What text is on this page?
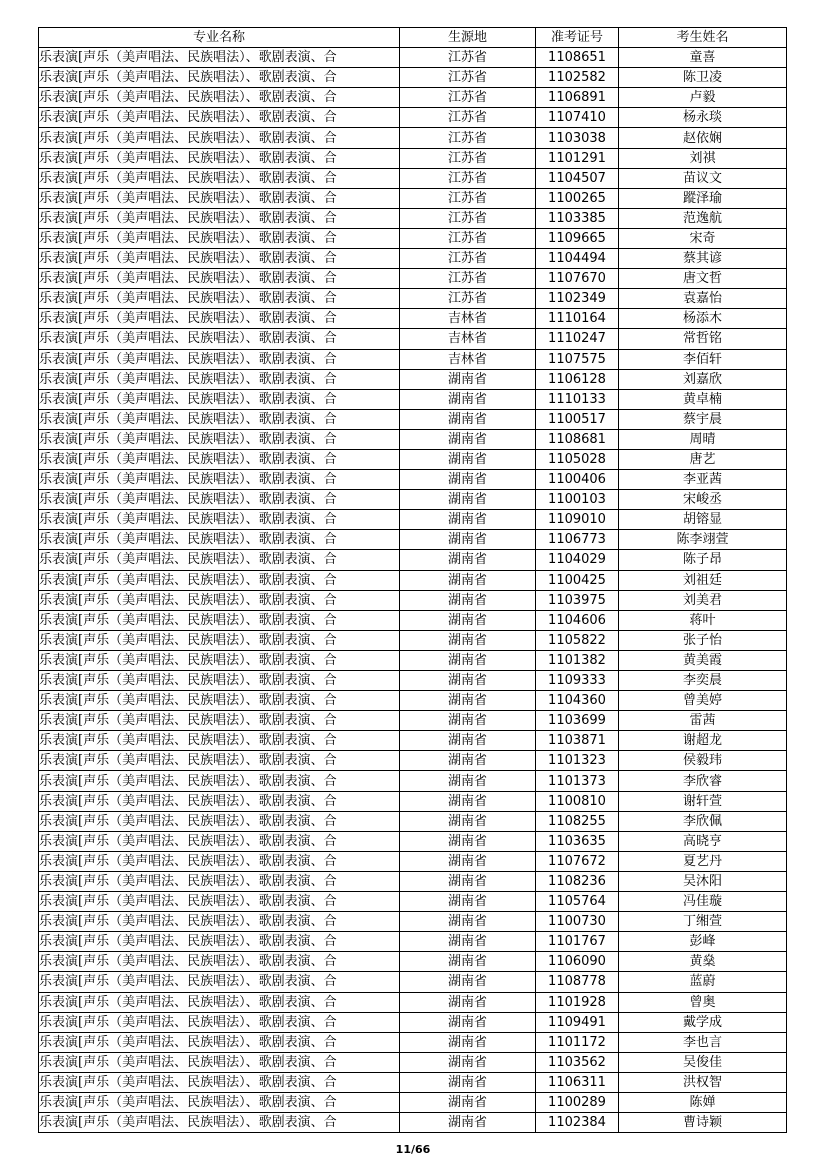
专业名称	生源地	准考证号	考生姓名
乐表演[声乐（美声唱法、民族唱法）、歌剧表演、合	江苏省	1108651	童喜
乐表演[声乐（美声唱法、民族唱法）、歌剧表演、合	江苏省	1102582	陈卫凌
乐表演[声乐（美声唱法、民族唱法）、歌剧表演、合	江苏省	1106891	卢毅
乐表演[声乐（美声唱法、民族唱法）、歌剧表演、合	江苏省	1107410	杨永琰
乐表演[声乐（美声唱法、民族唱法）、歌剧表演、合	江苏省	1103038	赵依娴
乐表演[声乐（美声唱法、民族唱法）、歌剧表演、合	江苏省	1101291	刘祺
乐表演[声乐（美声唱法、民族唱法）、歌剧表演、合	江苏省	1104507	苗议文
乐表演[声乐（美声唱法、民族唱法）、歌剧表演、合	江苏省	1100265	蹤泽瑜
乐表演[声乐（美声唱法、民族唱法）、歌剧表演、合	江苏省	1103385	范逸航
乐表演[声乐（美声唱法、民族唱法）、歌剧表演、合	江苏省	1109665	宋奇
乐表演[声乐（美声唱法、民族唱法）、歌剧表演、合	江苏省	1104494	蔡其谚
乐表演[声乐（美声唱法、民族唱法）、歌剧表演、合	江苏省	1107670	唐文哲
乐表演[声乐（美声唱法、民族唱法）、歌剧表演、合	江苏省	1102349	袁嘉怡
乐表演[声乐（美声唱法、民族唱法）、歌剧表演、合	吉林省	1110164	杨添木
乐表演[声乐（美声唱法、民族唱法）、歌剧表演、合	吉林省	1110247	常哲铭
乐表演[声乐（美声唱法、民族唱法）、歌剧表演、合	吉林省	1107575	李佰轩
乐表演[声乐（美声唱法、民族唱法）、歌剧表演、合	湖南省	1106128	刘嘉欣
乐表演[声乐（美声唱法、民族唱法）、歌剧表演、合	湖南省	1110133	黄卓楠
乐表演[声乐（美声唱法、民族唱法）、歌剧表演、合	湖南省	1100517	蔡宇晨
乐表演[声乐（美声唱法、民族唱法）、歌剧表演、合	湖南省	1108681	周晴
乐表演[声乐（美声唱法、民族唱法）、歌剧表演、合	湖南省	1105028	唐艺
乐表演[声乐（美声唱法、民族唱法）、歌剧表演、合	湖南省	1100406	李亚茜
乐表演[声乐（美声唱法、民族唱法）、歌剧表演、合	湖南省	1100103	宋峻丞
乐表演[声乐（美声唱法、民族唱法）、歌剧表演、合	湖南省	1109010	胡镕显
乐表演[声乐（美声唱法、民族唱法）、歌剧表演、合	湖南省	1106773	陈李翊萱
乐表演[声乐（美声唱法、民族唱法）、歌剧表演、合	湖南省	1104029	陈子昂
乐表演[声乐（美声唱法、民族唱法）、歌剧表演、合	湖南省	1100425	刘祖廷
乐表演[声乐（美声唱法、民族唱法）、歌剧表演、合	湖南省	1103975	刘美君
乐表演[声乐（美声唱法、民族唱法）、歌剧表演、合	湖南省	1104606	蒋叶
乐表演[声乐（美声唱法、民族唱法）、歌剧表演、合	湖南省	1105822	张子怡
乐表演[声乐（美声唱法、民族唱法）、歌剧表演、合	湖南省	1101382	黄美霞
乐表演[声乐（美声唱法、民族唱法）、歌剧表演、合	湖南省	1109333	李奕晨
乐表演[声乐（美声唱法、民族唱法）、歌剧表演、合	湖南省	1104360	曾美婷
乐表演[声乐（美声唱法、民族唱法）、歌剧表演、合	湖南省	1103699	雷茜
乐表演[声乐（美声唱法、民族唱法）、歌剧表演、合	湖南省	1103871	谢超龙
乐表演[声乐（美声唱法、民族唱法）、歌剧表演、合	湖南省	1101323	侯毅玮
乐表演[声乐（美声唱法、民族唱法）、歌剧表演、合	湖南省	1101373	李欣睿
乐表演[声乐（美声唱法、民族唱法）、歌剧表演、合	湖南省	1100810	谢轩萱
乐表演[声乐（美声唱法、民族唱法）、歌剧表演、合	湖南省	1108255	李欣佩
乐表演[声乐（美声唱法、民族唱法）、歌剧表演、合	湖南省	1103635	高晓亨
乐表演[声乐（美声唱法、民族唱法）、歌剧表演、合	湖南省	1107672	夏艺丹
乐表演[声乐（美声唱法、民族唱法）、歌剧表演、合	湖南省	1108236	吴沐阳
乐表演[声乐（美声唱法、民族唱法）、歌剧表演、合	湖南省	1105764	冯佳璇
乐表演[声乐（美声唱法、民族唱法）、歌剧表演、合	湖南省	1100730	丁缃萱
乐表演[声乐（美声唱法、民族唱法）、歌剧表演、合	湖南省	1101767	彭峰
乐表演[声乐（美声唱法、民族唱法）、歌剧表演、合	湖南省	1106090	黄燊
乐表演[声乐（美声唱法、民族唱法）、歌剧表演、合	湖南省	1108778	蓝蔚
乐表演[声乐（美声唱法、民族唱法）、歌剧表演、合	湖南省	1101928	曾奥
乐表演[声乐（美声唱法、民族唱法）、歌剧表演、合	湖南省	1109491	戴学成
乐表演[声乐（美声唱法、民族唱法）、歌剧表演、合	湖南省	1101172	李也言
乐表演[声乐（美声唱法、民族唱法）、歌剧表演、合	湖南省	1103562	吴俊佳
乐表演[声乐（美声唱法、民族唱法）、歌剧表演、合	湖南省	1106311	洪权智
乐表演[声乐（美声唱法、民族唱法）、歌剧表演、合	湖南省	1100289	陈婵
乐表演[声乐（美声唱法、民族唱法）、歌剧表演、合	湖南省	1102384	曹诗颖
11/66
